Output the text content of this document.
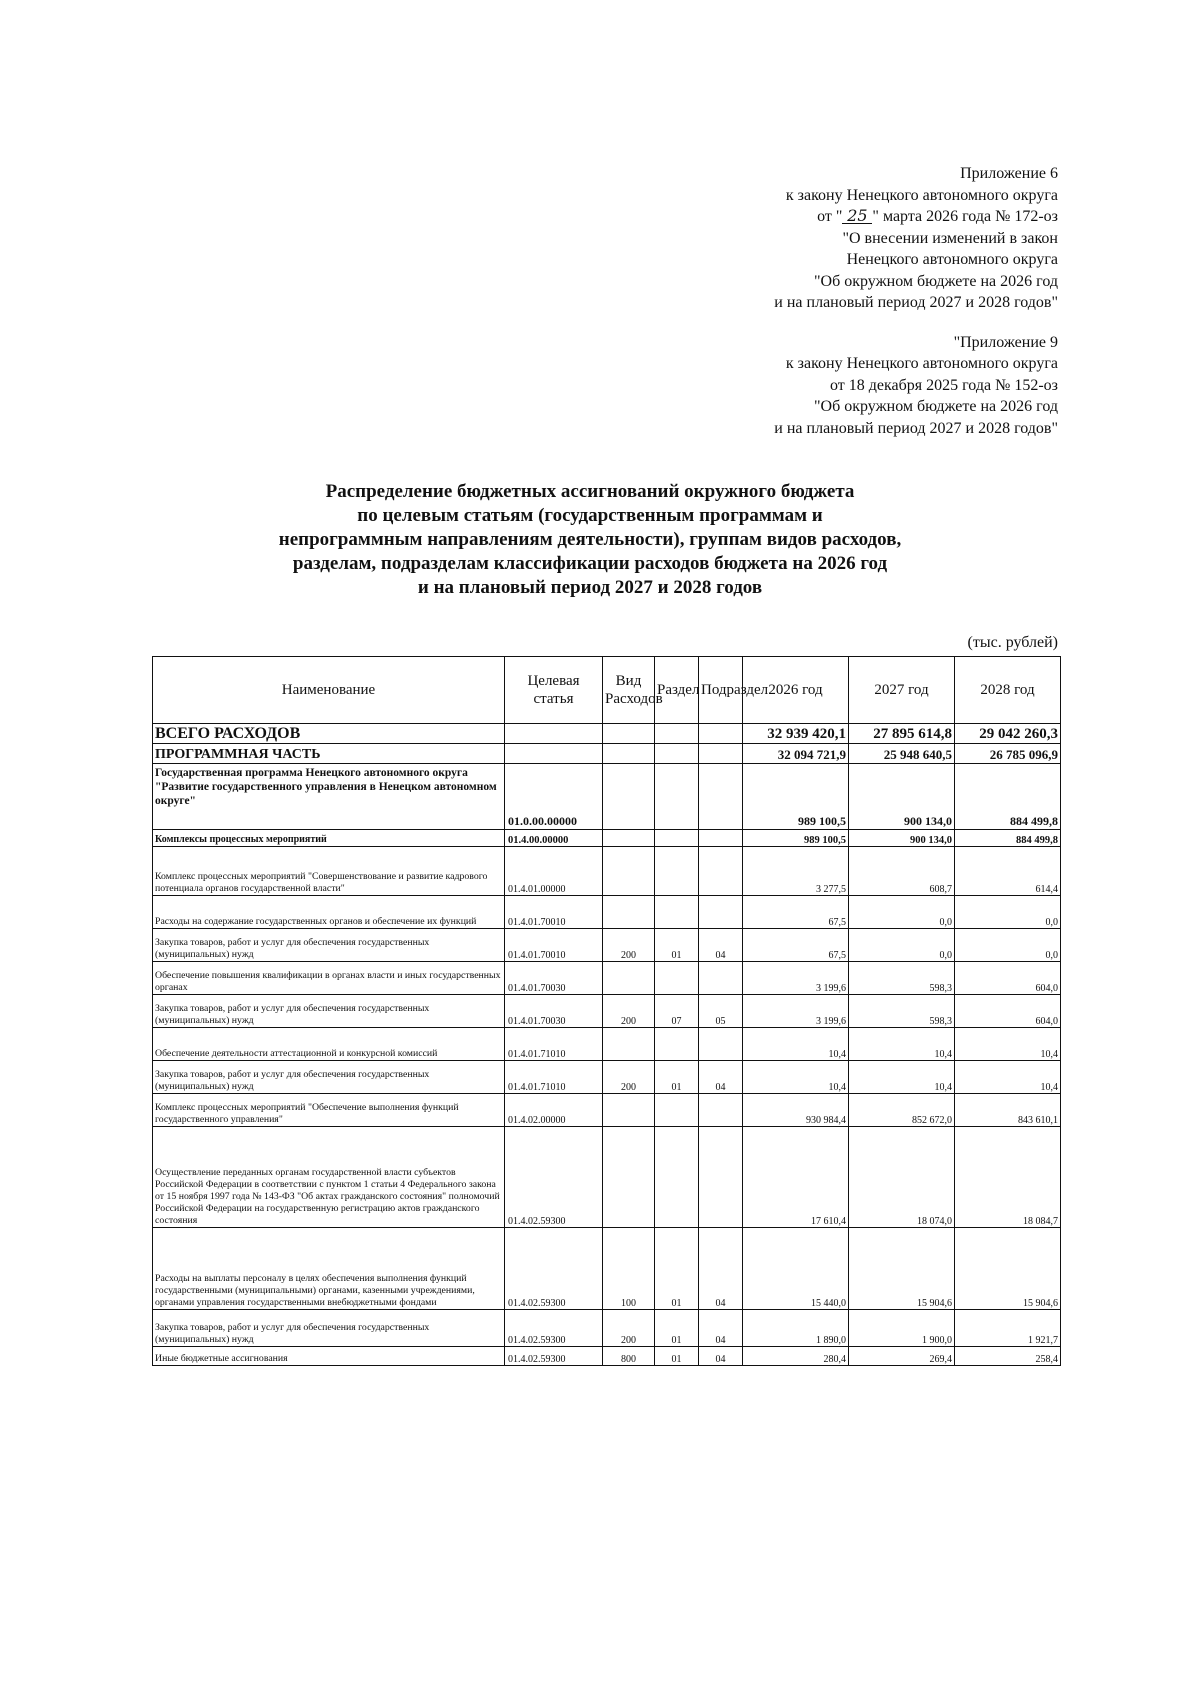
Приложение 6
к закону Ненецкого автономного округа
от " 25 " марта 2026 года № 172-оз
"О внесении изменений в закон
Ненецкого автономного округа
"Об окружном бюджете на 2026 год
и на плановый период 2027 и 2028 годов"
"Приложение 9
к закону Ненецкого автономного округа
от 18 декабря 2025 года № 152-оз
"Об окружном бюджете на 2026 год
и на плановый период 2027 и 2028 годов"
Распределение бюджетных ассигнований окружного бюджета
по целевым статьям (государственным программам и
непрограммным направлениям деятельности), группам видов расходов,
разделам, подразделам классификации расходов бюджета на 2026 год
и на плановый период 2027 и 2028 годов
(тыс. рублей)
Наименование	Целевая статья	Вид Расходов	Раздел	Подраздел	2026 год	2027 год	2028 год
ВСЕГО РАСХОДОВ					32 939 420,1	27 895 614,8	29 042 260,3
ПРОГРАММНАЯ ЧАСТЬ					32 094 721,9	25 948 640,5	26 785 096,9
Государственная программа Ненецкого автономного округа "Развитие государственного управления в Ненецком автономном округе"	01.0.00.00000				989 100,5	900 134,0	884 499,8
Комплексы процессных мероприятий	01.4.00.00000				989 100,5	900 134,0	884 499,8
Комплекс процессных мероприятий "Совершенствование и развитие кадрового потенциала органов государственной власти"	01.4.01.00000				3 277,5	608,7	614,4
Расходы на содержание государственных органов и обеспечение их функций	01.4.01.70010				67,5	0,0	0,0
Закупка товаров, работ и услуг для обеспечения государственных (муниципальных) нужд	01.4.01.70010	200	01	04	67,5	0,0	0,0
Обеспечение повышения квалификации в органах власти и иных государственных органах	01.4.01.70030				3 199,6	598,3	604,0
Закупка товаров, работ и услуг для обеспечения государственных (муниципальных) нужд	01.4.01.70030	200	07	05	3 199,6	598,3	604,0
Обеспечение деятельности аттестационной и конкурсной комиссий	01.4.01.71010				10,4	10,4	10,4
Закупка товаров, работ и услуг для обеспечения государственных (муниципальных) нужд	01.4.01.71010	200	01	04	10,4	10,4	10,4
Комплекс процессных мероприятий "Обеспечение выполнения функций государственного управления"	01.4.02.00000				930 984,4	852 672,0	843 610,1
Осуществление переданных органам государственной власти субъектов Российской Федерации в соответствии с пунктом 1 статьи 4 Федерального закона от 15 ноября 1997 года № 143-ФЗ "Об актах гражданского состояния" полномочий Российской Федерации на государственную регистрацию актов гражданского состояния	01.4.02.59300				17 610,4	18 074,0	18 084,7
Расходы на выплаты персоналу в целях обеспечения выполнения функций государственными (муниципальными) органами, казенными учреждениями, органами управления государственными внебюджетными фондами	01.4.02.59300	100	01	04	15 440,0	15 904,6	15 904,6
Закупка товаров, работ и услуг для обеспечения государственных (муниципальных) нужд	01.4.02.59300	200	01	04	1 890,0	1 900,0	1 921,7
Иные бюджетные ассигнования	01.4.02.59300	800	01	04	280,4	269,4	258,4
